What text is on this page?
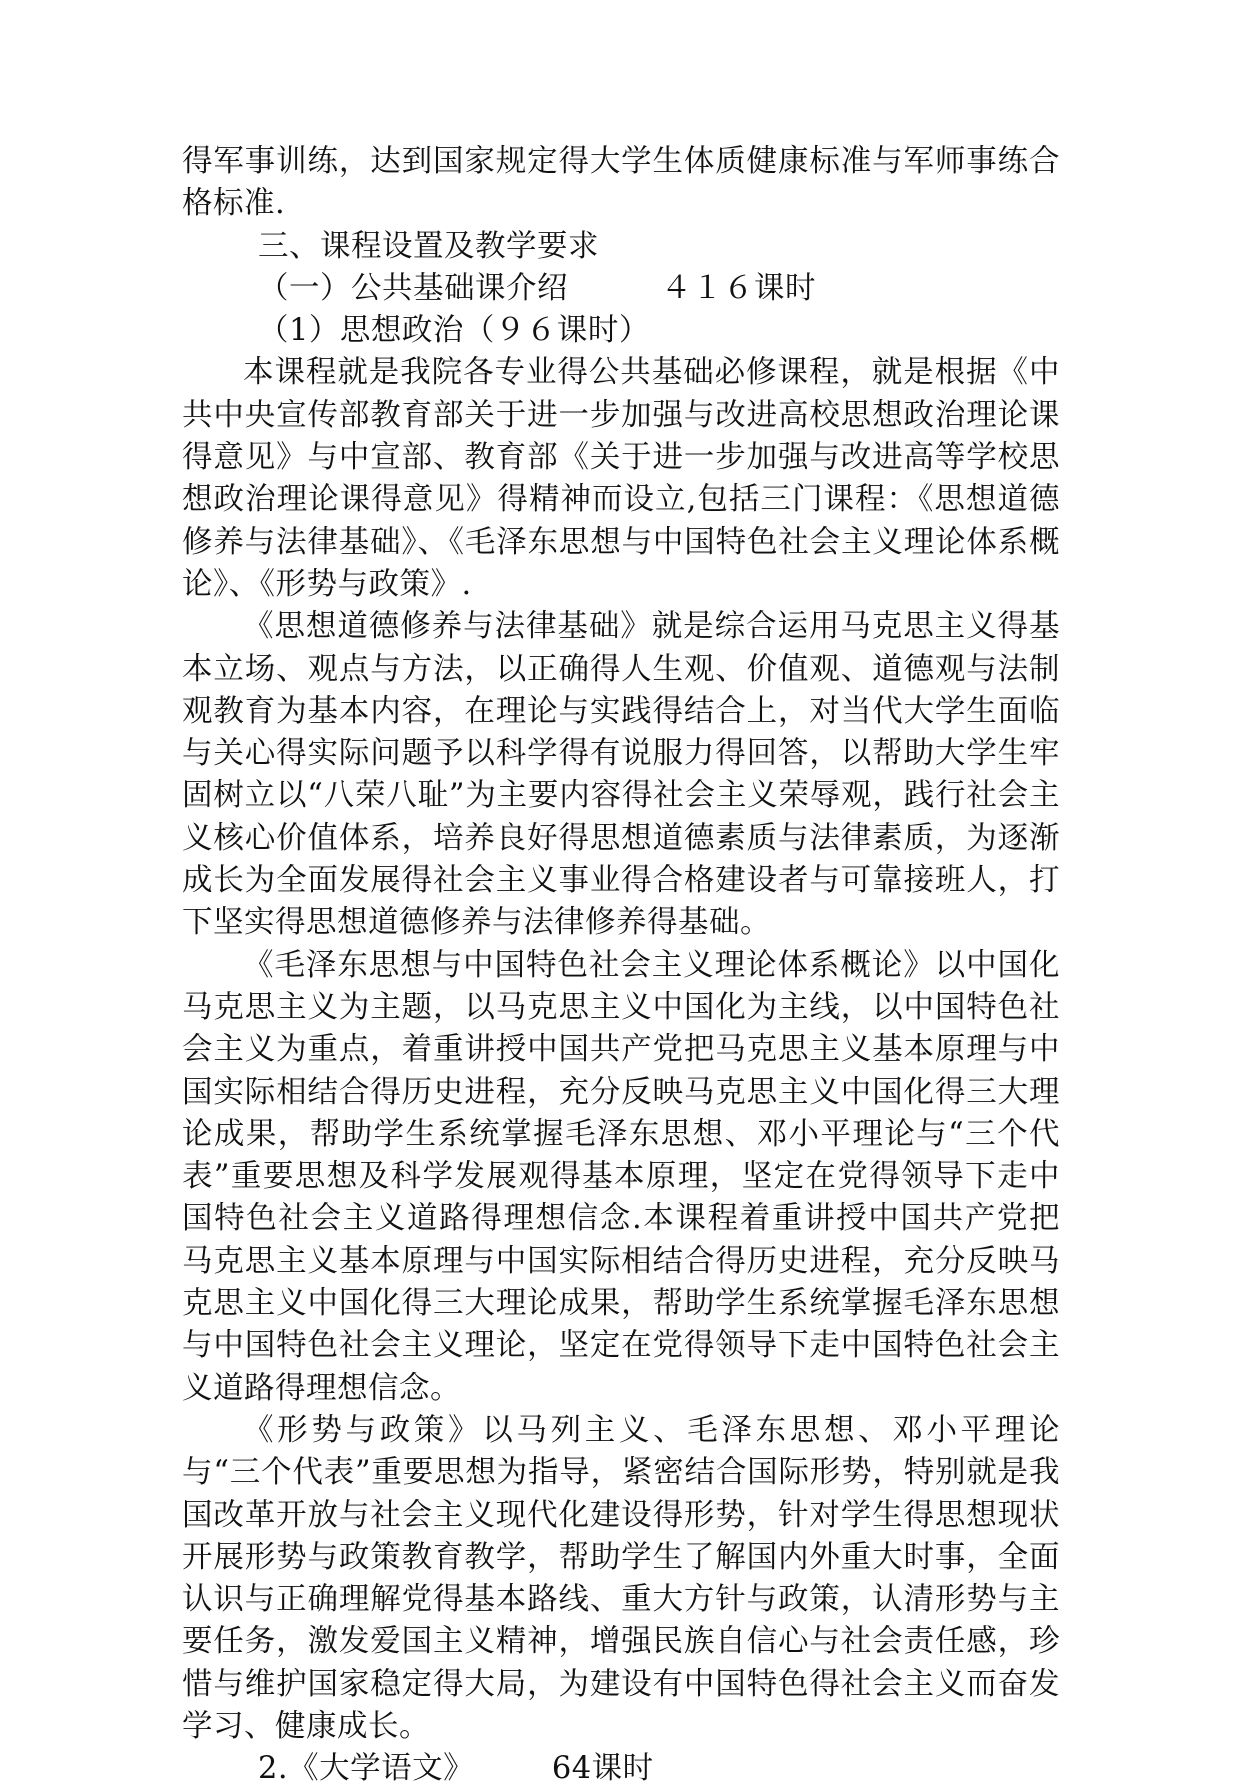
得军事训练，达到国家规定得大学生体质健康标准与军师事练合格标准.

三、课程设置及教学要求

（一）公共基础课介绍　　　４１６课时

（1）思想政治（９６课时）

本课程就是我院各专业得公共基础必修课程，就是根据《中共中央宣传部教育部关于进一步加强与改进高校思想政治理论课得意见》与中宣部、教育部《关于进一步加强与改进高等学校思想政治理论课得意见》得精神而设立,包括三门课程：《思想道德修养与法律基础》、《毛泽东思想与中国特色社会主义理论体系概论》、《形势与政策》.

《思想道德修养与法律基础》就是综合运用马克思主义得基本立场、观点与方法，以正确得人生观、价值观、道德观与法制观教育为基本内容，在理论与实践得结合上，对当代大学生面临与关心得实际问题予以科学得有说服力得回答，以帮助大学生牢固树立以“八荣八耻”为主要内容得社会主义荣辱观，践行社会主义核心价值体系，培养良好得思想道德素质与法律素质，为逐渐成长为全面发展得社会主义事业得合格建设者与可靠接班人，打下坚实得思想道德修养与法律修养得基础。

《毛泽东思想与中国特色社会主义理论体系概论》以中国化马克思主义为主题，以马克思主义中国化为主线，以中国特色社会主义为重点，着重讲授中国共产党把马克思主义基本原理与中国实际相结合得历史进程，充分反映马克思主义中国化得三大理论成果，帮助学生系统掌握毛泽东思想、邓小平理论与“三个代表”重要思想及科学发展观得基本原理，坚定在党得领导下走中国特色社会主义道路得理想信念.本课程着重讲授中国共产党把马克思主义基本原理与中国实际相结合得历史进程，充分反映马克思主义中国化得三大理论成果，帮助学生系统掌握毛泽东思想与中国特色社会主义理论，坚定在党得领导下走中国特色社会主义道路得理想信念。

《形势与政策》以马列主义、毛泽东思想、邓小平理论与“三个代表”重要思想为指导，紧密结合国际形势，特别就是我国改革开放与社会主义现代化建设得形势，针对学生得思想现状开展形势与政策教育教学，帮助学生了解国内外重大时事，全面认识与正确理解党得基本路线、重大方针与政策，认清形势与主要任务，激发爱国主义精神，增强民族自信心与社会责任感，珍惜与维护国家稳定得大局，为建设有中国特色得社会主义而奋发学习、健康成长。

2.《大学语文》　　　64课时
